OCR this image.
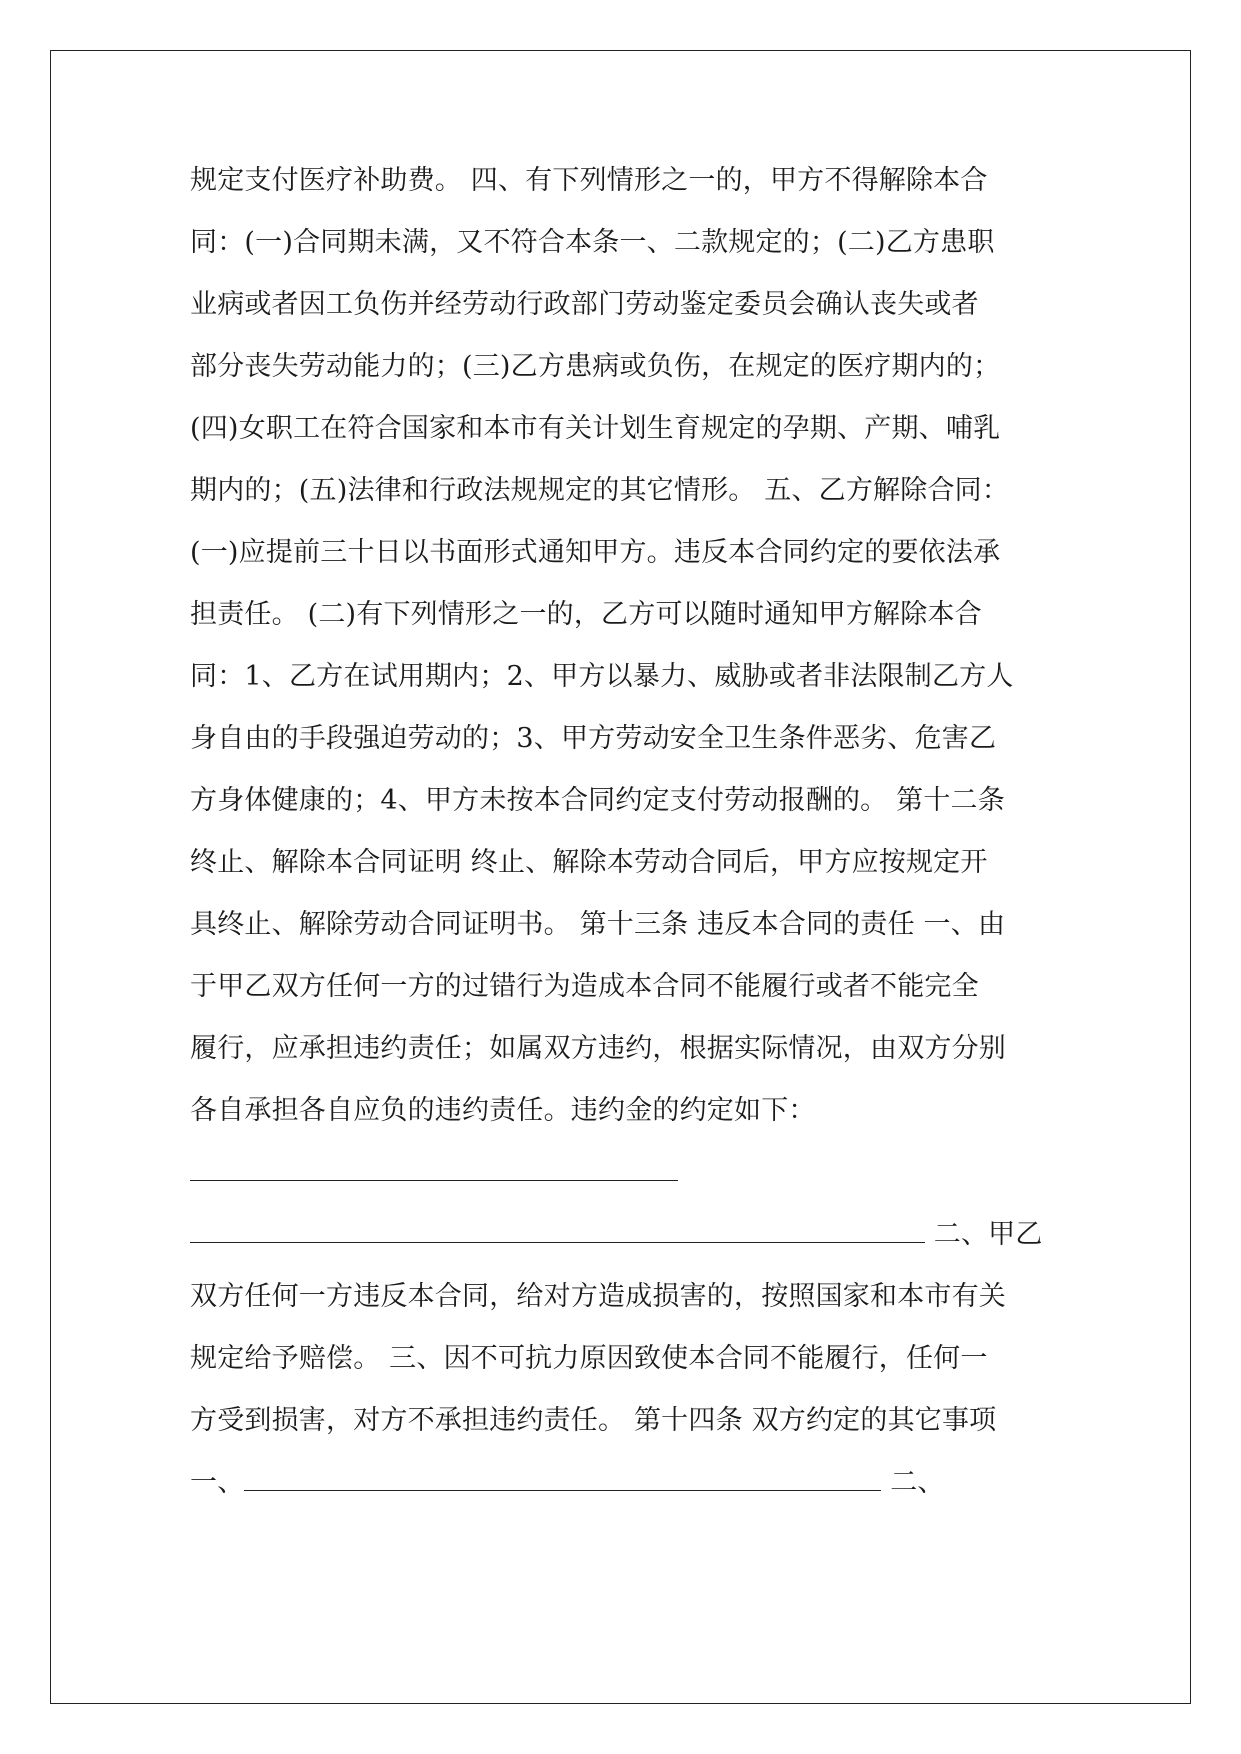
规定支付医疗补助费。 四、有下列情形之一的，甲方不得解除本合
同：(一)合同期未满，又不符合本条一、二款规定的；(二)乙方患职
业病或者因工负伤并经劳动行政部门劳动鉴定委员会确认丧失或者
部分丧失劳动能力的；(三)乙方患病或负伤，在规定的医疗期内的；
(四)女职工在符合国家和本市有关计划生育规定的孕期、产期、哺乳
期内的；(五)法律和行政法规规定的其它情形。 五、乙方解除合同：
(一)应提前三十日以书面形式通知甲方。违反本合同约定的要依法承
担责任。 (二)有下列情形之一的，乙方可以随时通知甲方解除本合
同：1、乙方在试用期内；2、甲方以暴力、威胁或者非法限制乙方人
身自由的手段强迫劳动的；3、甲方劳动安全卫生条件恶劣、危害乙
方身体健康的；4、甲方未按本合同约定支付劳动报酬的。 第十二条
终止、解除本合同证明 终止、解除本劳动合同后，甲方应按规定开
具终止、解除劳动合同证明书。 第十三条 违反本合同的责任 一、由
于甲乙双方任何一方的过错行为造成本合同不能履行或者不能完全
履行，应承担违约责任；如属双方违约，根据实际情况，由双方分别
各自承担各自应负的违约责任。违约金的约定如下：
二、甲乙
双方任何一方违反本合同，给对方造成损害的，按照国家和本市有关
规定给予赔偿。 三、因不可抗力原因致使本合同不能履行，任何一
方受到损害，对方不承担违约责任。 第十四条 双方约定的其它事项
一、	二、
